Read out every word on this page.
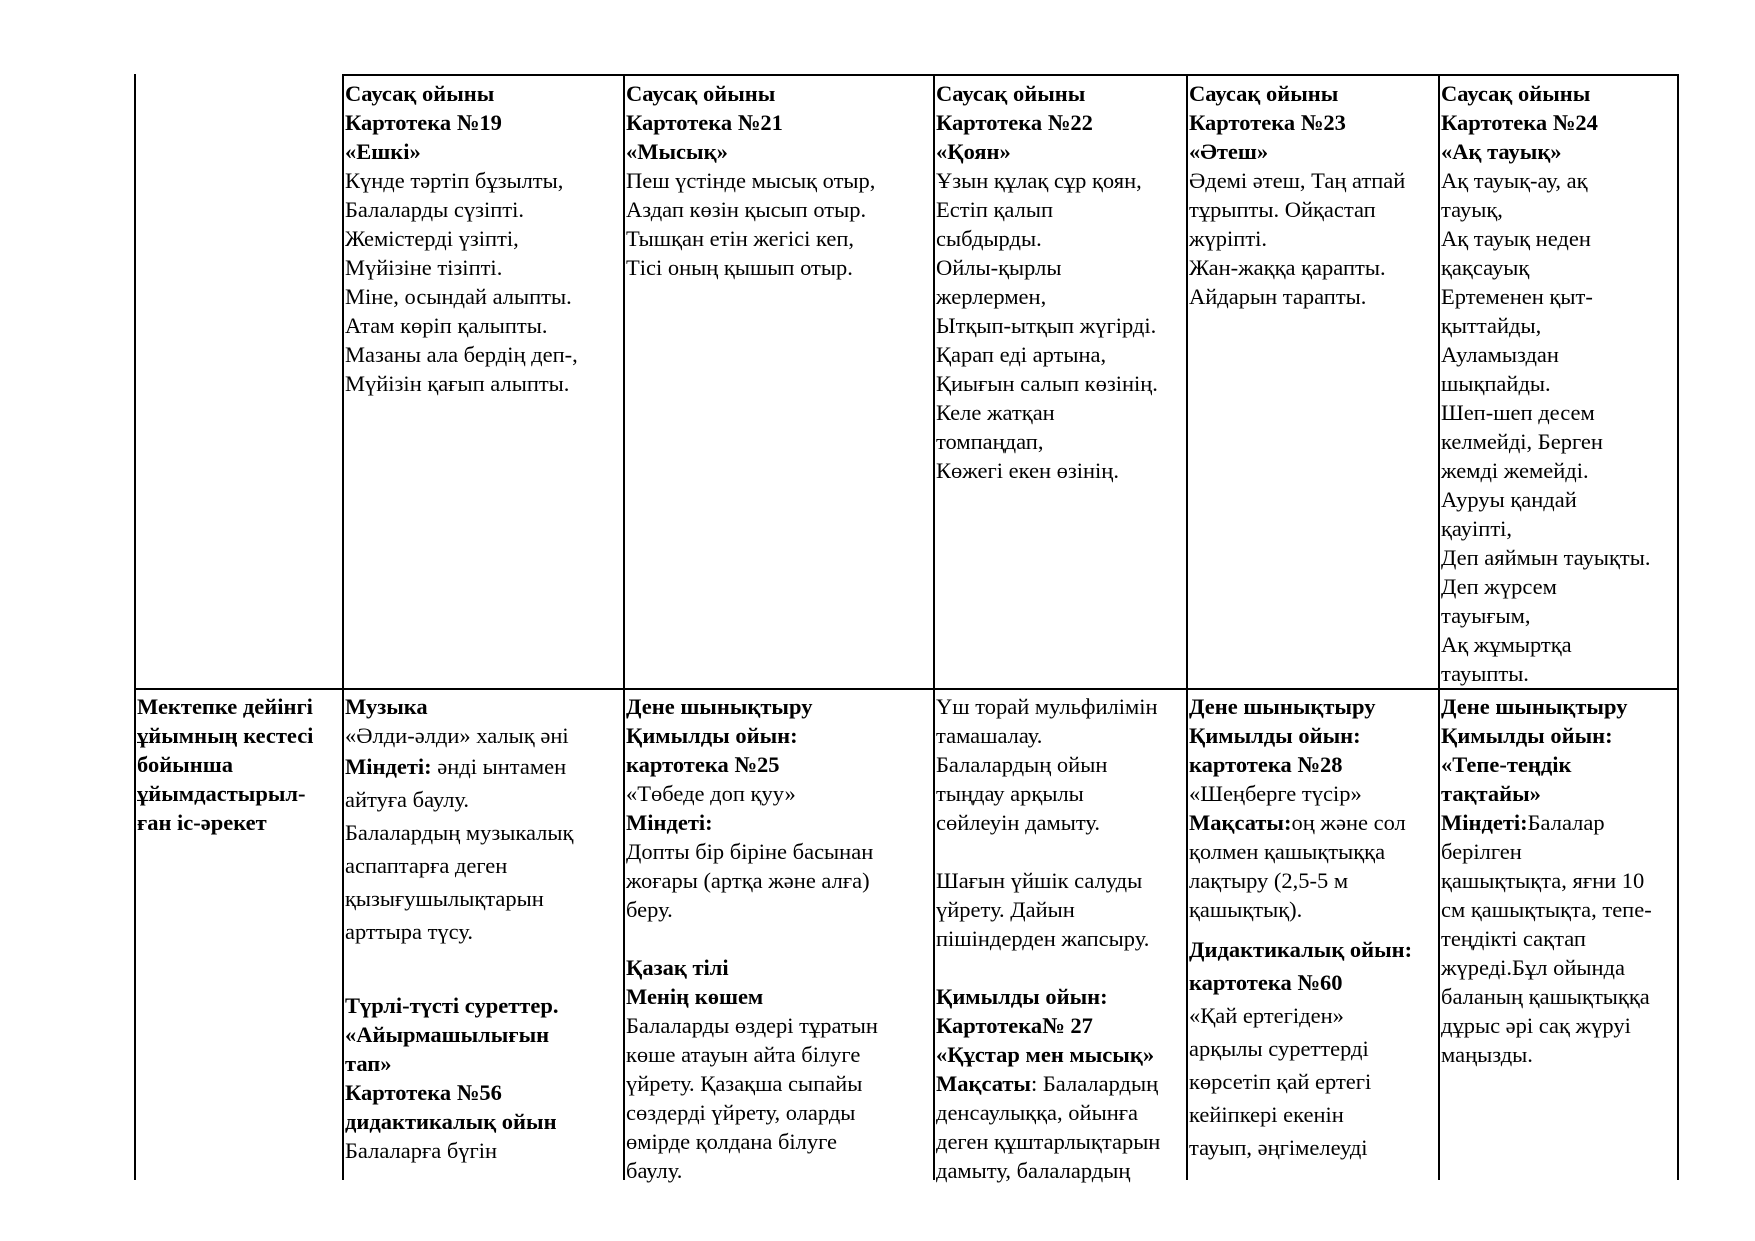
Саусақ ойыны
Картотека №19
«Ешкі»
Күнде тәртіп бұзылты,
Балаларды сүзіпті.
Жемістерді үзіпті,
Мүйізіне тізіпті.
Міне, осындай алыпты.
Атам көріп қалыпты.
Мазаны ала бердің деп-,
Мүйізін қағып алыпты.
Саусақ ойыны
Картотека №21
«Мысық»
Пеш үстінде мысық отыр,
Аздап көзін қысып отыр.
Тышқан етін жегісі кеп,
Тісі оның қышып отыр.
Саусақ ойыны
Картотека №22
«Қоян»
Ұзын құлақ сұр қоян,
Естіп қалып
сыбдырды.
Ойлы-қырлы
жерлермен,
Ытқып-ытқып жүгірді.
Қарап еді артына,
Қиығын салып көзінің.
Келе жатқан
томпаңдап,
Көжегі екен өзінің.
Саусақ ойыны
Картотека №23
«Әтеш»
Әдемі әтеш, Таң атпай
тұрыпты. Ойқастап
жүріпті.
Жан-жаққа қарапты.
Айдарын тарапты.
Саусақ ойыны
Картотека №24
«Ақ тауық»
Ақ тауық-ау, ақ
тауық,
Ақ тауық неден
қақсауық
Ертеменен қыт-
қыттайды,
Ауламыздан
шықпайды.
Шеп-шеп десем
келмейді, Берген
жемді жемейді.
Ауруы қандай
қауіпті,
Деп аяймын тауықты.
Деп жүрсем
тауығым,
Ақ жұмыртқа
тауыпты.
Мектепке дейінгі
ұйымның кестесі
бойынша
ұйымдастырыл-
ған іс-әрекет
Музыка
«Әлди-әлди» халық әні
Міндеті: әнді ынтамен
айтуға баулу.
Балалардың музыкалық
аспаптарға деген
қызығушылықтарын
арттыра түсу.
Түрлі-түсті суреттер.
«Айырмашылығын
тап»
Картотека №56
дидактикалық ойын
Балаларға бүгін
Дене шынықтыру
Қимылды ойын:
картотека №25
«Төбеде доп қуу»
Міндеті:
Допты бір біріне басынан
жоғары (артқа және алға)
беру.
Қазақ тілі
Менің көшем
Балаларды өздері тұратын
көше атауын айта білуге
үйрету. Қазақша сыпайы
сөздерді үйрету, оларды
өмірде қолдана білуге
баулу.
Үш торай мульфилімін
тамашалау.
Балалардың ойын
тыңдау арқылы
сөйлеуін дамыту.
Шағын үйшік салуды
үйрету. Дайын
пішіндерден жапсыру.
Қимылды ойын:
Картотека№ 27
«Құстар мен мысық»
Мақсаты: Балалардың
денсаулыққа, ойынға
деген құштарлықтарын
дамыту, балалардың
Дене шынықтыру
Қимылды ойын:
картотека №28
«Шеңберге түсір»
Мақсаты:оң және сол
қолмен қашықтыққа
лақтыру (2,5-5 м
қашықтық).
Дидактикалық ойын:
картотека №60
«Қай ертегіден»
арқылы суреттерді
көрсетіп қай ертегі
кейіпкері екенін
тауып, әңгімелеуді
Дене шынықтыру
Қимылды ойын:
«Тепе-теңдік
тақтайы»
Міндеті:Балалар
берілген
қашықтықта, яғни 10
см қашықтықта, тепе-
теңдікті сақтап
жүреді.Бұл ойында
баланың қашықтыққа
дұрыс әрі сақ жүруі
маңызды.
